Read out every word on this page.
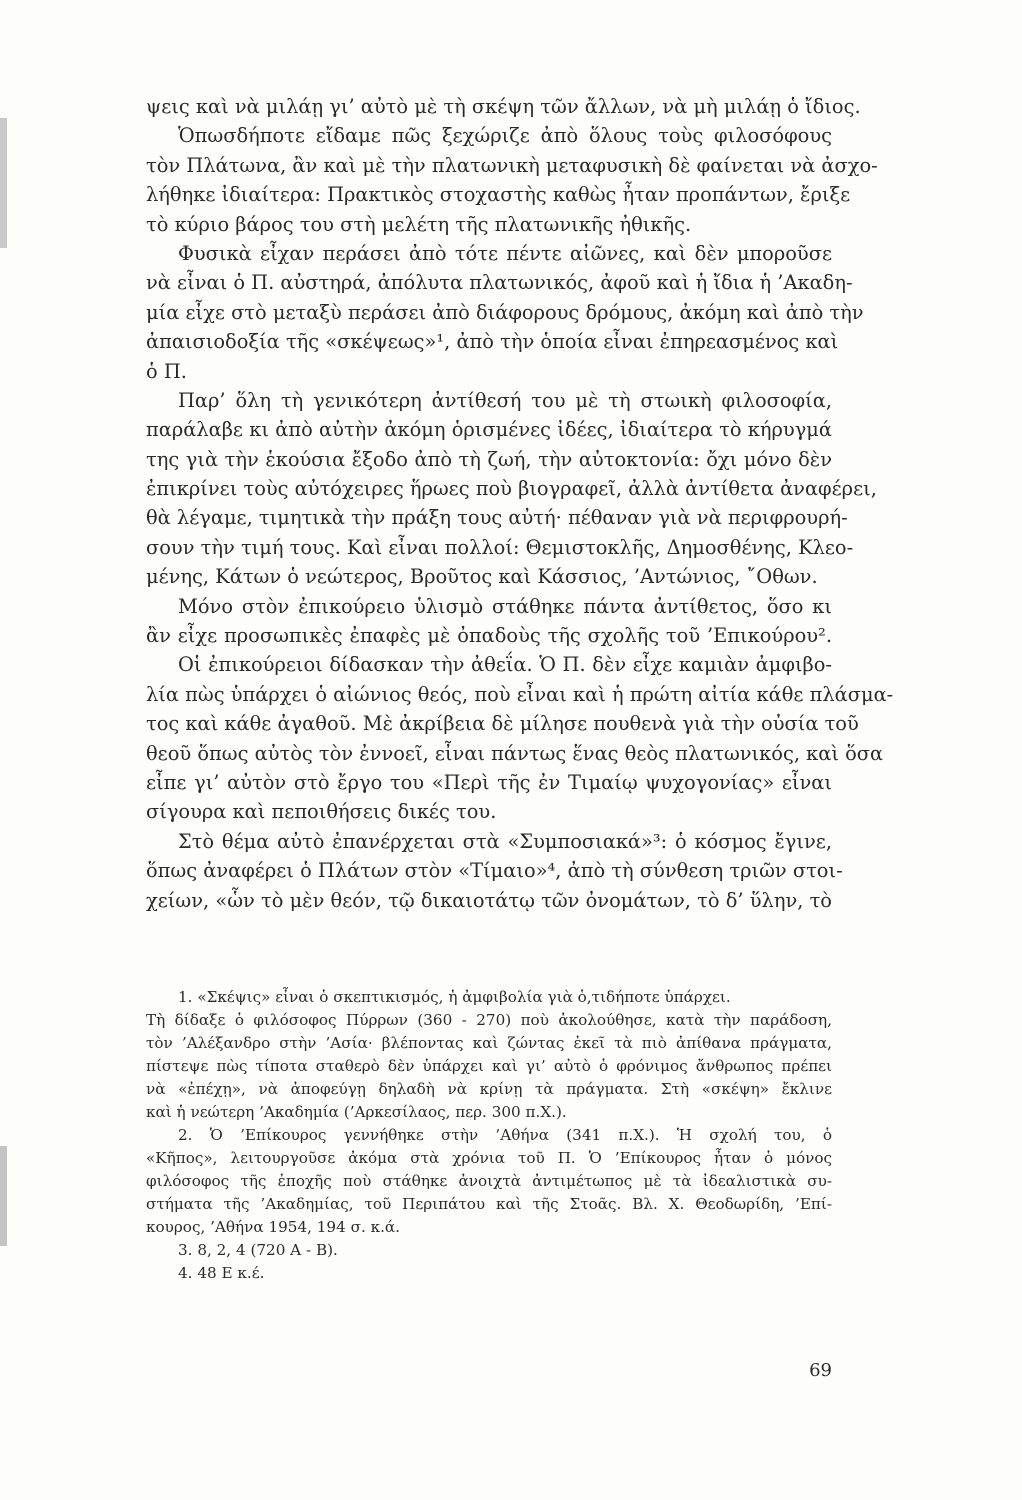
ψεις καὶ νὰ μιλάῃ γι’ αὐτὸ μὲ τὴ σκέψη τῶν ἄλλων, νὰ μὴ μιλάῃ ὁ ἴδιος.
Ὁπωσδήποτε εἴδαμε πῶς ξεχώριζε ἀπὸ ὅλους τοὺς φιλοσόφους
τὸν Πλάτωνα, ἂν καὶ μὲ τὴν πλατωνικὴ μεταφυσικὴ δὲ φαίνεται νὰ ἀσχο-
λήθηκε ἰδιαίτερα: Πρακτικὸς στοχαστὴς καθὼς ἦταν προπάντων, ἔριξε
τὸ κύριο βάρος του στὴ μελέτη τῆς πλατωνικῆς ἠθικῆς.
Φυσικὰ εἶχαν περάσει ἀπὸ τότε πέντε αἰῶνες, καὶ δὲν μποροῦσε
νὰ εἶναι ὁ Π. αὐστηρά, ἀπόλυτα πλατωνικός, ἀφοῦ καὶ ἡ ἴδια ἡ ’Ακαδη-
μία εἶχε στὸ μεταξὺ περάσει ἀπὸ διάφορους δρόμους, ἀκόμη καὶ ἀπὸ τὴν
ἀπαισιοδοξία τῆς «σκέψεως»¹, ἀπὸ τὴν ὁποία εἶναι ἐπηρεασμένος καὶ
ὁ Π.
Παρ’ ὅλη τὴ γενικότερη ἀντίθεσή του μὲ τὴ στωικὴ φιλοσοφία,
παράλαβε κι ἀπὸ αὐτὴν ἀκόμη ὁρισμένες ἰδέες, ἰδιαίτερα τὸ κήρυγμά
της γιὰ τὴν ἑκούσια ἔξοδο ἀπὸ τὴ ζωή, τὴν αὐτοκτονία: ὄχι μόνο δὲν
ἐπικρίνει τοὺς αὐτόχειρες ἥρωες ποὺ βιογραφεῖ, ἀλλὰ ἀντίθετα ἀναφέρει,
θὰ λέγαμε, τιμητικὰ τὴν πράξη τους αὐτή· πέθαναν γιὰ νὰ περιφρουρή-
σουν τὴν τιμή τους. Καὶ εἶναι πολλοί: Θεμιστοκλῆς, Δημοσθένης, Κλεο-
μένης, Κάτων ὁ νεώτερος, Βροῦτος καὶ Κάσσιος, ’Αντώνιος, ῎Οθων.
Μόνο στὸν ἐπικούρειο ὑλισμὸ στάθηκε πάντα ἀντίθετος, ὅσο κι
ἂν εἶχε προσωπικὲς ἐπαφὲς μὲ ὀπαδοὺς τῆς σχολῆς τοῦ ’Επικούρου².
Οἱ ἐπικούρειοι δίδασκαν τὴν ἀθεΐα. Ὁ Π. δὲν εἶχε καμιὰν ἀμφιβο-
λία πὼς ὑπάρχει ὁ αἰώνιος θεός, ποὺ εἶναι καὶ ἡ πρώτη αἰτία κάθε πλάσμα-
τος καὶ κάθε ἀγαθοῦ. Μὲ ἀκρίβεια δὲ μίλησε πουθενὰ γιὰ τὴν οὐσία τοῦ
θεοῦ ὅπως αὐτὸς τὸν ἐννοεῖ, εἶναι πάντως ἕνας θεὸς πλατωνικός, καὶ ὅσα
εἶπε γι’ αὐτὸν στὸ ἔργο του «Περὶ τῆς ἐν Τιμαίῳ ψυχογονίας» εἶναι
σίγουρα καὶ πεποιθήσεις δικές του.
Στὸ θέμα αὐτὸ ἐπανέρχεται στὰ «Συμποσιακά»³: ὁ κόσμος ἔγινε,
ὅπως ἀναφέρει ὁ Πλάτων στὸν «Τίμαιο»⁴, ἀπὸ τὴ σύνθεση τριῶν στοι-
χείων, «ὧν τὸ μὲν θεόν, τῷ δικαιοτάτῳ τῶν ὀνομάτων, τὸ δ’ ὕλην, τὸ
1. «Σκέψις» εἶναι ὁ σκεπτικισμός, ἡ ἀμφιβολία γιὰ ὁ,τιδήποτε ὑπάρχει.
Τὴ δίδαξε ὁ φιλόσοφος Πύρρων (360 - 270) ποὺ ἀκολούθησε, κατὰ τὴν παράδοση,
τὸν ’Αλέξανδρο στὴν ’Ασία· βλέποντας καὶ ζώντας ἐκεῖ τὰ πιὸ ἀπίθανα πράγματα,
πίστεψε πὼς τίποτα σταθερὸ δὲν ὑπάρχει καὶ γι’ αὐτὸ ὁ φρόνιμος ἄνθρωπος πρέπει
νὰ «ἐπέχῃ», νὰ ἀποφεύγῃ δηλαδὴ νὰ κρίνῃ τὰ πράγματα. Στὴ «σκέψη» ἔκλινε
καὶ ἡ νεώτερη ’Ακαδημία (’Αρκεσίλαος, περ. 300 π.Χ.).
2. Ὁ ’Επίκουρος γεννήθηκε στὴν ’Αθήνα (341 π.Χ.). Ἡ σχολή του, ὁ
«Κῆπος», λειτουργοῦσε ἀκόμα στὰ χρόνια τοῦ Π. Ὁ ’Επίκουρος ἦταν ὁ μόνος
φιλόσοφος τῆς ἐποχῆς ποὺ στάθηκε ἀνοιχτὰ ἀντιμέτωπος μὲ τὰ ἰδεαλιστικὰ συ-
στήματα τῆς ’Ακαδημίας, τοῦ Περιπάτου καὶ τῆς Στοᾶς. Βλ. Χ. Θεοδωρίδη, ’Επί-
κουρος, ’Αθήνα 1954, 194 σ. κ.ά.
3. 8, 2, 4 (720 Α - Β).
4. 48 Ε κ.έ.
69
